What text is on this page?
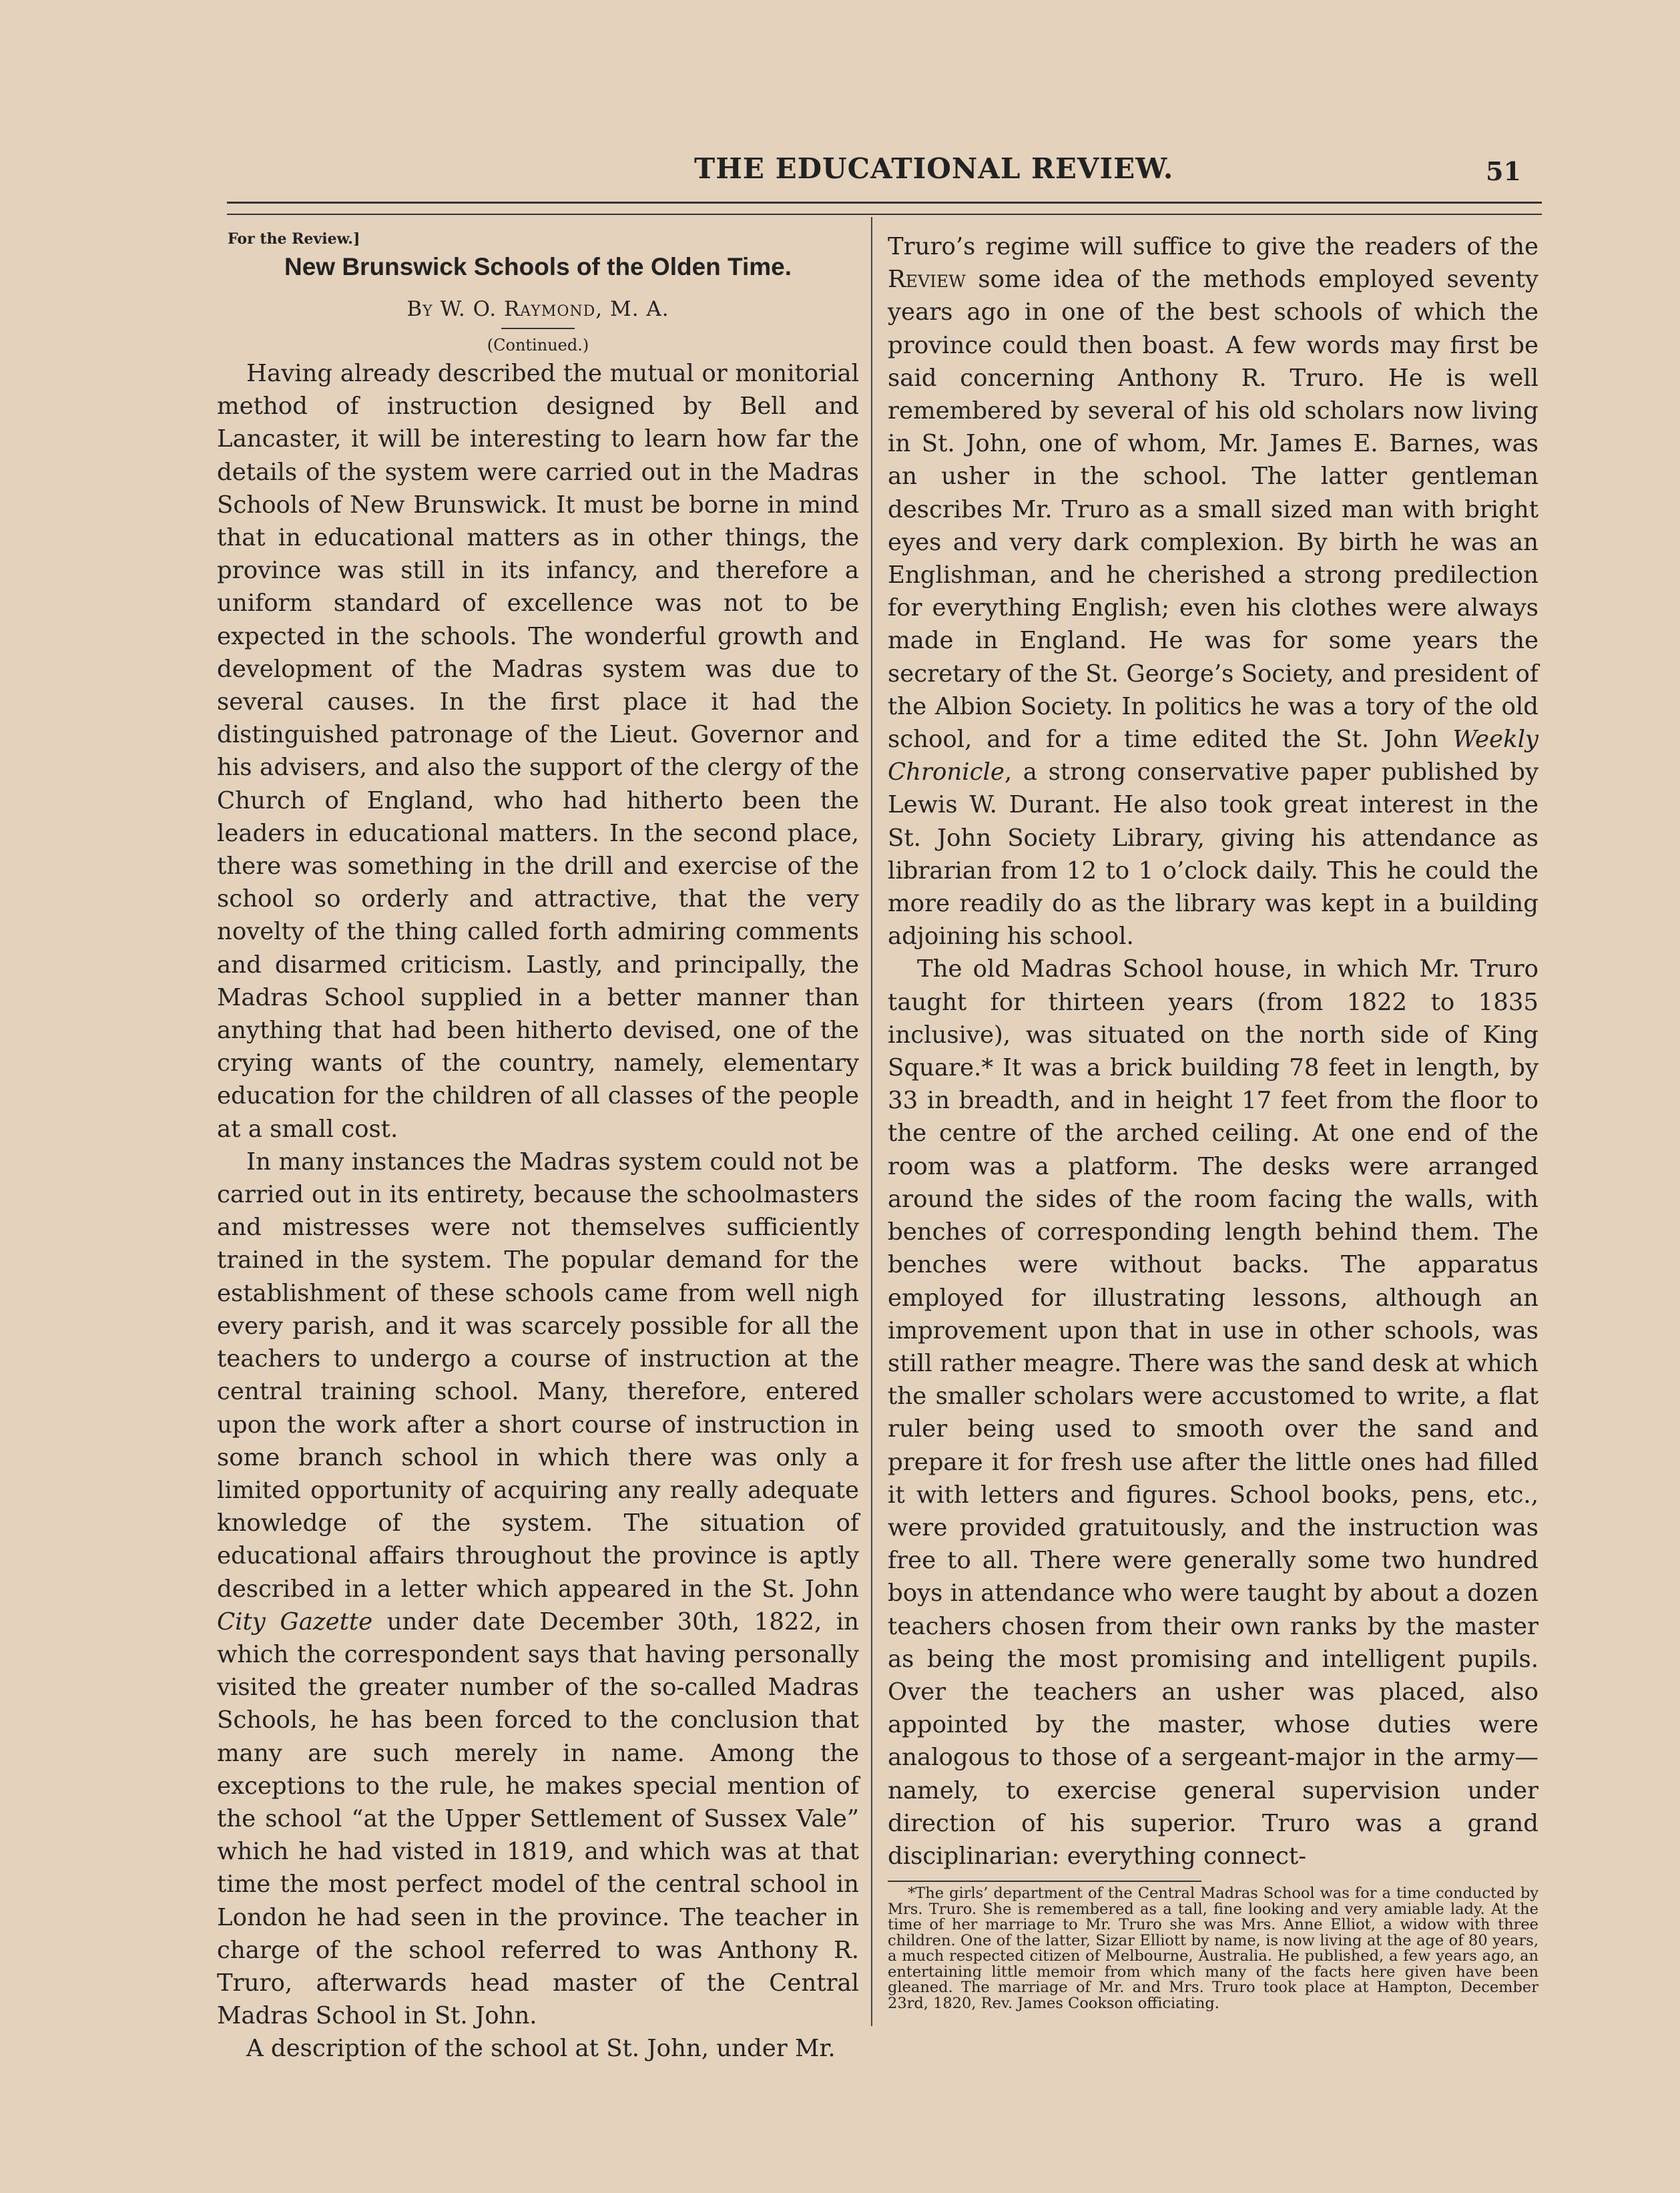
THE EDUCATIONAL REVIEW.	51
For the Review.]
New Brunswick Schools of the Olden Time.
By W. O. Raymond, M. A.
(Continued.)

Having already described the mutual or monitorial method of instruction designed by Bell and Lancaster, it will be interesting to learn how far the details of the system were carried out in the Madras Schools of New Brunswick. It must be borne in mind that in educational matters as in other things, the province was still in its infancy, and therefore a uniform standard of excellence was not to be expected in the schools. The wonderful growth and development of the Madras system was due to several causes. In the first place it had the distinguished patronage of the Lieut. Governor and his advisers, and also the support of the clergy of the Church of England, who had hitherto been the leaders in educational matters. In the second place, there was something in the drill and exercise of the school so orderly and attractive, that the very novelty of the thing called forth admiring comments and disarmed criticism. Lastly, and principally, the Madras School supplied in a better manner than anything that had been hitherto devised, one of the crying wants of the country, namely, elementary education for the children of all classes of the people at a small cost.

In many instances the Madras system could not be carried out in its entirety, because the schoolmasters and mistresses were not themselves sufficiently trained in the system. The popular demand for the establishment of these schools came from well nigh every parish, and it was scarcely possible for all the teachers to undergo a course of instruction at the central training school. Many, therefore, entered upon the work after a short course of instruction in some branch school in which there was only a limited opportunity of acquiring any really adequate knowledge of the system. The situation of educational affairs throughout the province is aptly described in a letter which appeared in the St. John City Gazette under date December 30th, 1822, in which the correspondent says that having personally visited the greater number of the so-called Madras Schools, he has been forced to the conclusion that many are such merely in name. Among the exceptions to the rule, he makes special mention of the school “at the Upper Settlement of Sussex Vale” which he had visted in 1819, and which was at that time the most perfect model of the central school in London he had seen in the province. The teacher in charge of the school referred to was Anthony R. Truro, afterwards head master of the Central Madras School in St. John.

A description of the school at St. John, under Mr.

Truro’s regime will suffice to give the readers of the Review some idea of the methods employed seventy years ago in one of the best schools of which the province could then boast. A few words may first be said concerning Anthony R. Truro. He is well remembered by several of his old scholars now living in St. John, one of whom, Mr. James E. Barnes, was an usher in the school. The latter gentleman describes Mr. Truro as a small sized man with bright eyes and very dark complexion. By birth he was an Englishman, and he cherished a strong predilection for everything English; even his clothes were always made in England. He was for some years the secretary of the St. George’s Society, and president of the Albion Society. In politics he was a tory of the old school, and for a time edited the St. John Weekly Chronicle, a strong conservative paper published by Lewis W. Durant. He also took great interest in the St. John Society Library, giving his attendance as librarian from 12 to 1 o’clock daily. This he could the more readily do as the library was kept in a building adjoining his school.

The old Madras School house, in which Mr. Truro taught for thirteen years (from 1822 to 1835 inclusive), was situated on the north side of King Square.* It was a brick building 78 feet in length, by 33 in breadth, and in height 17 feet from the floor to the centre of the arched ceiling. At one end of the room was a platform. The desks were arranged around the sides of the room facing the walls, with benches of corresponding length behind them. The benches were without backs. The apparatus employed for illustrating lessons, although an improvement upon that in use in other schools, was still rather meagre. There was the sand desk at which the smaller scholars were accustomed to write, a flat ruler being used to smooth over the sand and prepare it for fresh use after the little ones had filled it with letters and figures. School books, pens, etc., were provided gratuitously, and the instruction was free to all. There were generally some two hundred boys in attendance who were taught by about a dozen teachers chosen from their own ranks by the master as being the most promising and intelligent pupils. Over the teachers an usher was placed, also appointed by the master, whose duties were analogous to those of a sergeant-major in the army—namely, to exercise general supervision under direction of his superior. Truro was a grand disciplinarian: everything connect-

*The girls’ department of the Central Madras School was for a time conducted by Mrs. Truro. She is remembered as a tall, fine looking and very amiable lady. At the time of her marriage to Mr. Truro she was Mrs. Anne Elliot, a widow with three children. One of the latter, Sizar Elliott by name, is now living at the age of 80 years, a much respected citizen of Melbourne, Australia. He published, a few years ago, an entertaining little memoir from which many of the facts here given have been gleaned. The marriage of Mr. and Mrs. Truro took place at Hampton, December 23rd, 1820, Rev. James Cookson officiating.
